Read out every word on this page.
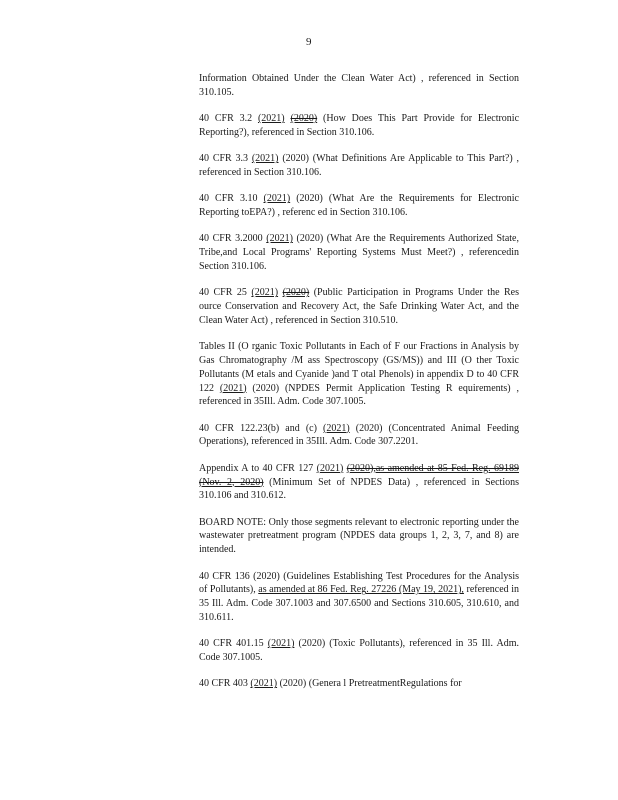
9

Information Obtained Under the Clean Water Act) , referenced in Section 310.105.

40 CFR 3.2 (2021) (2020) (How Does This Part Provide for Electronic Reporting?), referenced in Section 310.106.

40 CFR 3.3 (2021) (2020) (What Definitions Are Applicable to This Part?) , referenced in Section 310.106.

40 CFR 3.10 (2021) (2020) (What Are the Requirements for Electronic Reporting toEPA?) , referenc ed in Section 310.106.

40 CFR 3.2000 (2021) (2020) (What Are the Requirements Authorized State, Tribe,and Local Programs' Reporting Systems Must Meet?) , referencedin Section 310.106.

40 CFR 25 (2021) (2020) (Public Participation in Programs Under the Res ource Conservation and Recovery Act, the Safe Drinking Water Act, and the Clean Water Act) , referenced in Section 310.510.

Tables II (O rganic Toxic Pollutants in Each of F our Fractions in Analysis by Gas Chromatography /M ass Spectroscopy (GS/MS)) and III (O ther Toxic Pollutants (M etals and Cyanide )and T otal Phenols) in appendix D to 40 CFR 122 (2021) (2020) (NPDES Permit Application Testing R equirements) , referenced in 35Ill. Adm. Code 307.1005.

40 CFR 122.23(b) and (c) (2021) (2020) (Concentrated Animal Feeding Operations), referenced in 35Ill. Adm. Code 307.2201.

Appendix A to 40 CFR 127 (2021) (2020),as amended at 85 Fed. Reg. 69189 (Nov. 2, 2020) (Minimum Set of NPDES Data) , referenced in Sections 310.106 and 310.612.

BOARD NOTE: Only those segments relevant to electronic reporting under the wastewater pretreatment program (NPDES data groups 1, 2, 3, 7, and 8) are intended.

40 CFR 136 (2020) (Guidelines Establishing Test Procedures for the Analysis of Pollutants), as amended at 86 Fed. Reg. 27226 (May 19, 2021), referenced in 35 Ill. Adm. Code 307.1003 and 307.6500 and Sections 310.605, 310.610, and 310.611.

40 CFR 401.15 (2021) (2020) (Toxic Pollutants), referenced in 35 Ill. Adm. Code 307.1005.

40 CFR 403 (2021) (2020) (Genera l PretreatmentRegulations for
